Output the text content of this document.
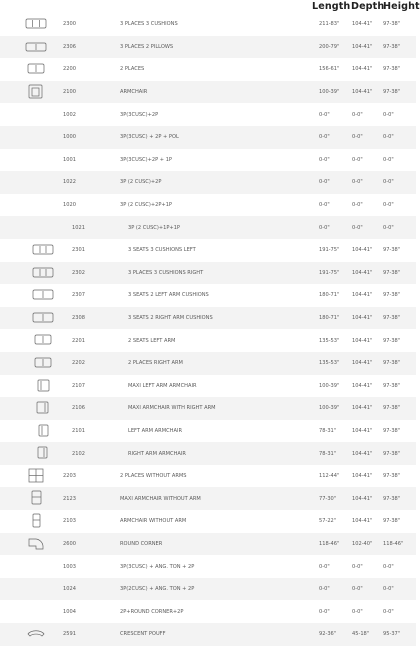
Length Depth
Height
2300	3 PLACES 3 CUSHIONS	211-83" 104-41" 97-38"
2306	3 PLACES 2 PILLOWS	200-79" 104-41" 97-38"
2200	2 PLACES	156-61" 104-41" 97-38"
2100	ARMCHAIR	100-39" 104-41" 97-38"
1002	3P(3CUSC)+2P	0-0"	0-0"	0-0"
1000	3P(3CUSC) + 2P + POL	0-0"	0-0"	0-0"
1001	3P(3CUSC)+2P + 1P	0-0"	0-0"	0-0"
1022	3P (2 CUSC)+2P	0-0"	0-0"	0-0"
1020	3P (2 CUSC)+2P+1P	0-0"	0-0"	0-0"
1021	3P (2 CUSC)+1P+1P	0-0"	0-0"	0-0"
2301	3 SEATS 3 CUSHIONS LEFT	191-75" 104-41" 97-38"
2302	3 PLACES 3 CUSHIONS RIGHT	191-75" 104-41" 97-38"
2307	3 SEATS 2 LEFT ARM CUSHIONS	180-71" 104-41" 97-38"
2308	3 SEATS 2 RIGHT ARM CUSHIONS	180-71" 104-41" 97-38"
2201	2 SEATS LEFT ARM	135-53" 104-41" 97-38"
2202	2 PLACES RIGHT ARM	135-53" 104-41" 97-38"
2107	MAXI LEFT ARM ARMCHAIR	100-39" 104-41" 97-38"
2106	MAXI ARMCHAIR WITH RIGHT ARM	100-39" 104-41" 97-38"
2101	LEFT ARM ARMCHAIR	78-31"	104-41" 97-38"
2102	RIGHT ARM ARMCHAIR	78-31"	104-41" 97-38"
2203	2 PLACES WITHOUT ARMS	112-44" 104-41" 97-38"
2123	MAXI ARMCHAIR WITHOUT ARM	77-30"	104-41" 97-38"
2103	ARMCHAIR WITHOUT ARM	57-22"	104-41" 97-38"
2600	ROUND CORNER	118-46" 102-40" 118-46"
1003	3P(3CUSC) + ANG. TON + 2P	0-0"	0-0"	0-0"
1024	3P(2CUSC) + ANG. TON + 2P	0-0"	0-0"	0-0"
1004	2P+ROUND CORNER+2P	0-0"	0-0"	0-0"
2591	CRESCENT POUFF	92-36"	45-18"	95-37"
